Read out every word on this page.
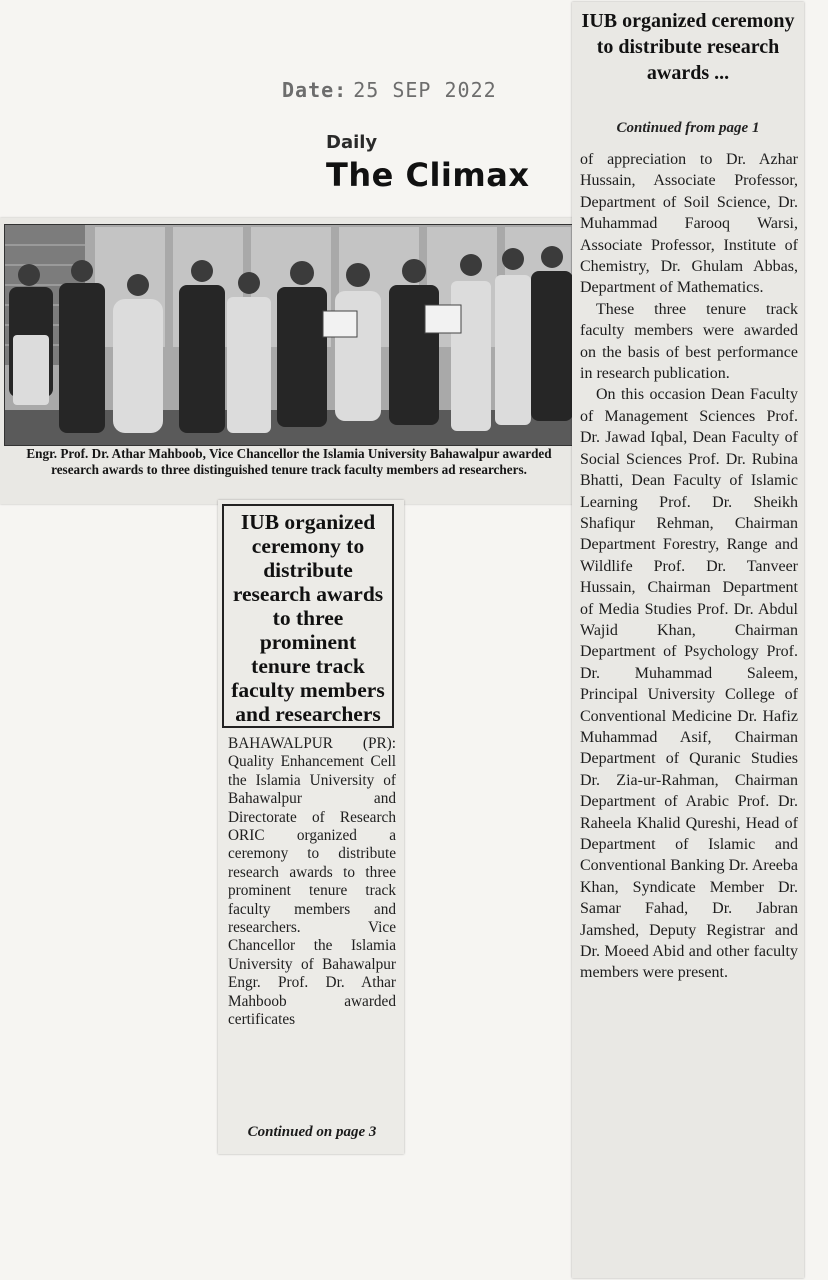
Date: 25 SEP 2022
Daily
The Climax
Engr. Prof. Dr. Athar Mahboob, Vice Chancellor the Islamia University Bahawalpur awarded research awards to three distinguished tenure track faculty members ad researchers.
IUB organized ceremony to distribute research awards to three prominent tenure track faculty members and researchers
BAHAWALPUR (PR): Quality Enhancement Cell the Islamia University of Bahawalpur and Directorate of Research ORIC organized a ceremony to distribute research awards to three prominent tenure track faculty members and researchers. Vice Chancellor the Islamia University of Bahawalpur Engr. Prof. Dr. Athar Mahboob awarded certificates
Continued on page 3
IUB organized ceremony to distribute research awards ...
Continued from page 1

of appreciation to Dr. Azhar Hussain, Associate Professor, Department of Soil Science, Dr. Muhammad Farooq Warsi, Associate Professor, Institute of Chemistry, Dr. Ghulam Abbas, Department of Mathematics.

These three tenure track faculty members were awarded on the basis of best performance in research publication.

On this occasion Dean Faculty of Management Sciences Prof. Dr. Jawad Iqbal, Dean Faculty of Social Sciences Prof. Dr. Rubina Bhatti, Dean Faculty of Islamic Learning Prof. Dr. Sheikh Shafiqur Rehman, Chairman Department Forestry, Range and Wildlife Prof. Dr. Tanveer Hussain, Chairman Department of Media Studies Prof. Dr. Abdul Wajid Khan, Chairman Department of Psychology Prof. Dr. Muhammad Saleem, Principal University College of Conventional Medicine Dr. Hafiz Muhammad Asif, Chairman Department of Quranic Studies Dr. Zia-ur-Rahman, Chairman Department of Arabic Prof. Dr. Raheela Khalid Qureshi, Head of Department of Islamic and Conventional Banking Dr. Areeba Khan, Syndicate Member Dr. Samar Fahad, Dr. Jabran Jamshed, Deputy Registrar and Dr. Moeed Abid and other faculty members were present.
